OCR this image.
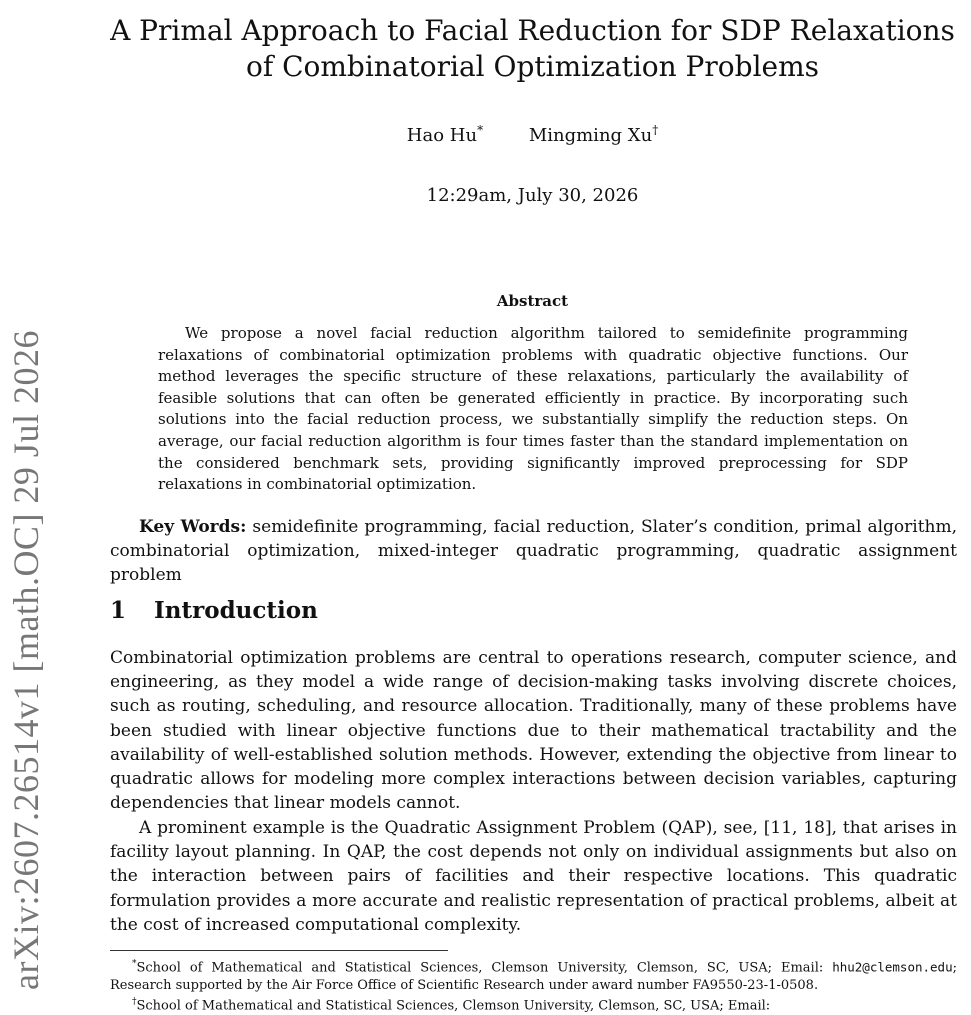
arXiv:2607.26514v1 [math.OC] 29 Jul 2026
A Primal Approach to Facial Reduction for SDP Relaxations of Combinatorial Optimization Problems
Hao Hu*	Mingming Xu†
12:29am, July 30, 2026
Abstract

We propose a novel facial reduction algorithm tailored to semidefinite programming relaxations of combinatorial optimization problems with quadratic objective functions. Our method leverages the specific structure of these relaxations, particularly the availability of feasible solutions that can often be generated efficiently in practice. By incorporating such solutions into the facial reduction process, we substantially simplify the reduction steps. On average, our facial reduction algorithm is four times faster than the standard implementation on the considered benchmark sets, providing significantly improved preprocessing for SDP relaxations in combinatorial optimization.

Key Words: semidefinite programming, facial reduction, Slater’s condition, primal algorithm, combinatorial optimization, mixed-integer quadratic programming, quadratic assignment problem

1 Introduction

Combinatorial optimization problems are central to operations research, computer science, and engineering, as they model a wide range of decision-making tasks involving discrete choices, such as routing, scheduling, and resource allocation. Traditionally, many of these problems have been studied with linear objective functions due to their mathematical tractability and the availability of well-established solution methods. However, extending the objective from linear to quadratic allows for modeling more complex interactions between decision variables, capturing dependencies that linear models cannot.

A prominent example is the Quadratic Assignment Problem (QAP), see, [11, 18], that arises in facility layout planning. In QAP, the cost depends not only on individual assignments but also on the interaction between pairs of facilities and their respective locations. This quadratic formulation provides a more accurate and realistic representation of practical problems, albeit at the cost of increased computational complexity.

*School of Mathematical and Statistical Sciences, Clemson University, Clemson, SC, USA; Email: hhu2@clemson.edu; Research supported by the Air Force Office of Scientific Research under award number FA9550-23-1-0508.

†School of Mathematical and Statistical Sciences, Clemson University, Clemson, SC, USA; Email:
